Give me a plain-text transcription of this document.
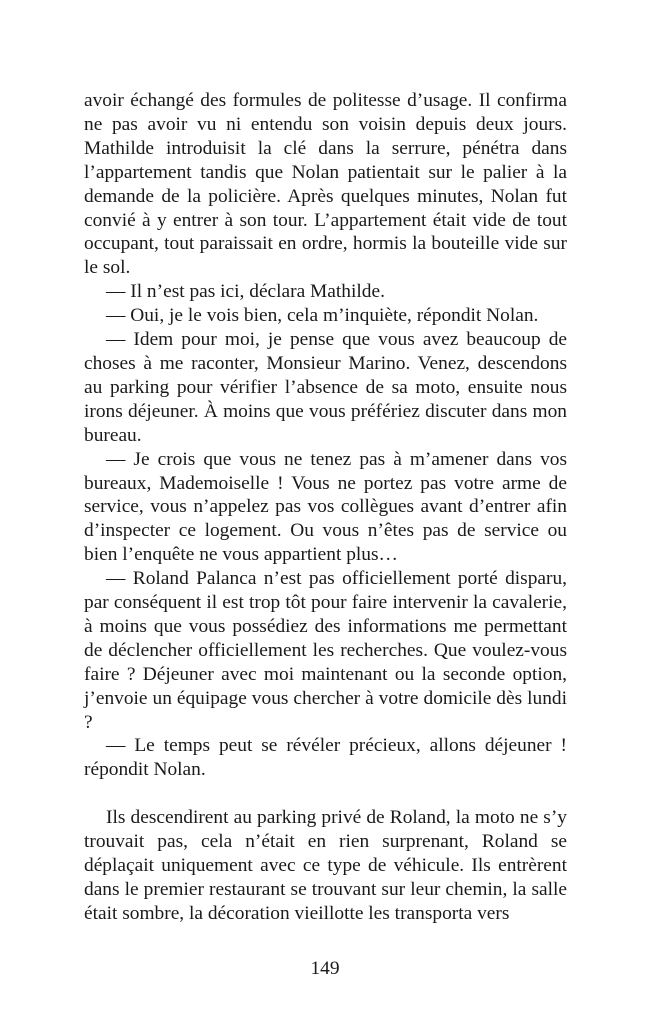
avoir échangé des formules de politesse d’usage. Il confirma ne pas avoir vu ni entendu son voisin depuis deux jours. Mathilde introduisit la clé dans la serrure, pénétra dans l’appartement tandis que Nolan patientait sur le palier à la demande de la policière. Après quelques minutes, Nolan fut convié à y entrer à son tour. L’appartement était vide de tout occupant, tout paraissait en ordre, hormis la bouteille vide sur le sol.

— Il n’est pas ici, déclara Mathilde.

— Oui, je le vois bien, cela m’inquiète, répondit Nolan.

— Idem pour moi, je pense que vous avez beaucoup de choses à me raconter, Monsieur Marino. Venez, descendons au parking pour vérifier l’absence de sa moto, ensuite nous irons déjeuner. À moins que vous préfériez discuter dans mon bureau.

— Je crois que vous ne tenez pas à m’amener dans vos bureaux, Mademoiselle ! Vous ne portez pas votre arme de service, vous n’appelez pas vos collègues avant d’entrer afin d’inspecter ce logement. Ou vous n’êtes pas de service ou bien l’enquête ne vous appartient plus…

— Roland Palanca n’est pas officiellement porté disparu, par conséquent il est trop tôt pour faire intervenir la cavalerie, à moins que vous possédiez des informations me permettant de déclencher officiellement les recherches. Que voulez-vous faire ? Déjeuner avec moi maintenant ou la seconde option, j’envoie un équipage vous chercher à votre domicile dès lundi ?

— Le temps peut se révéler précieux, allons déjeuner ! répondit Nolan.

Ils descendirent au parking privé de Roland, la moto ne s’y trouvait pas, cela n’était en rien surprenant, Roland se déplaçait uniquement avec ce type de véhicule. Ils entrèrent dans le premier restaurant se trouvant sur leur chemin, la salle était sombre, la décoration vieillotte les transporta vers

149
